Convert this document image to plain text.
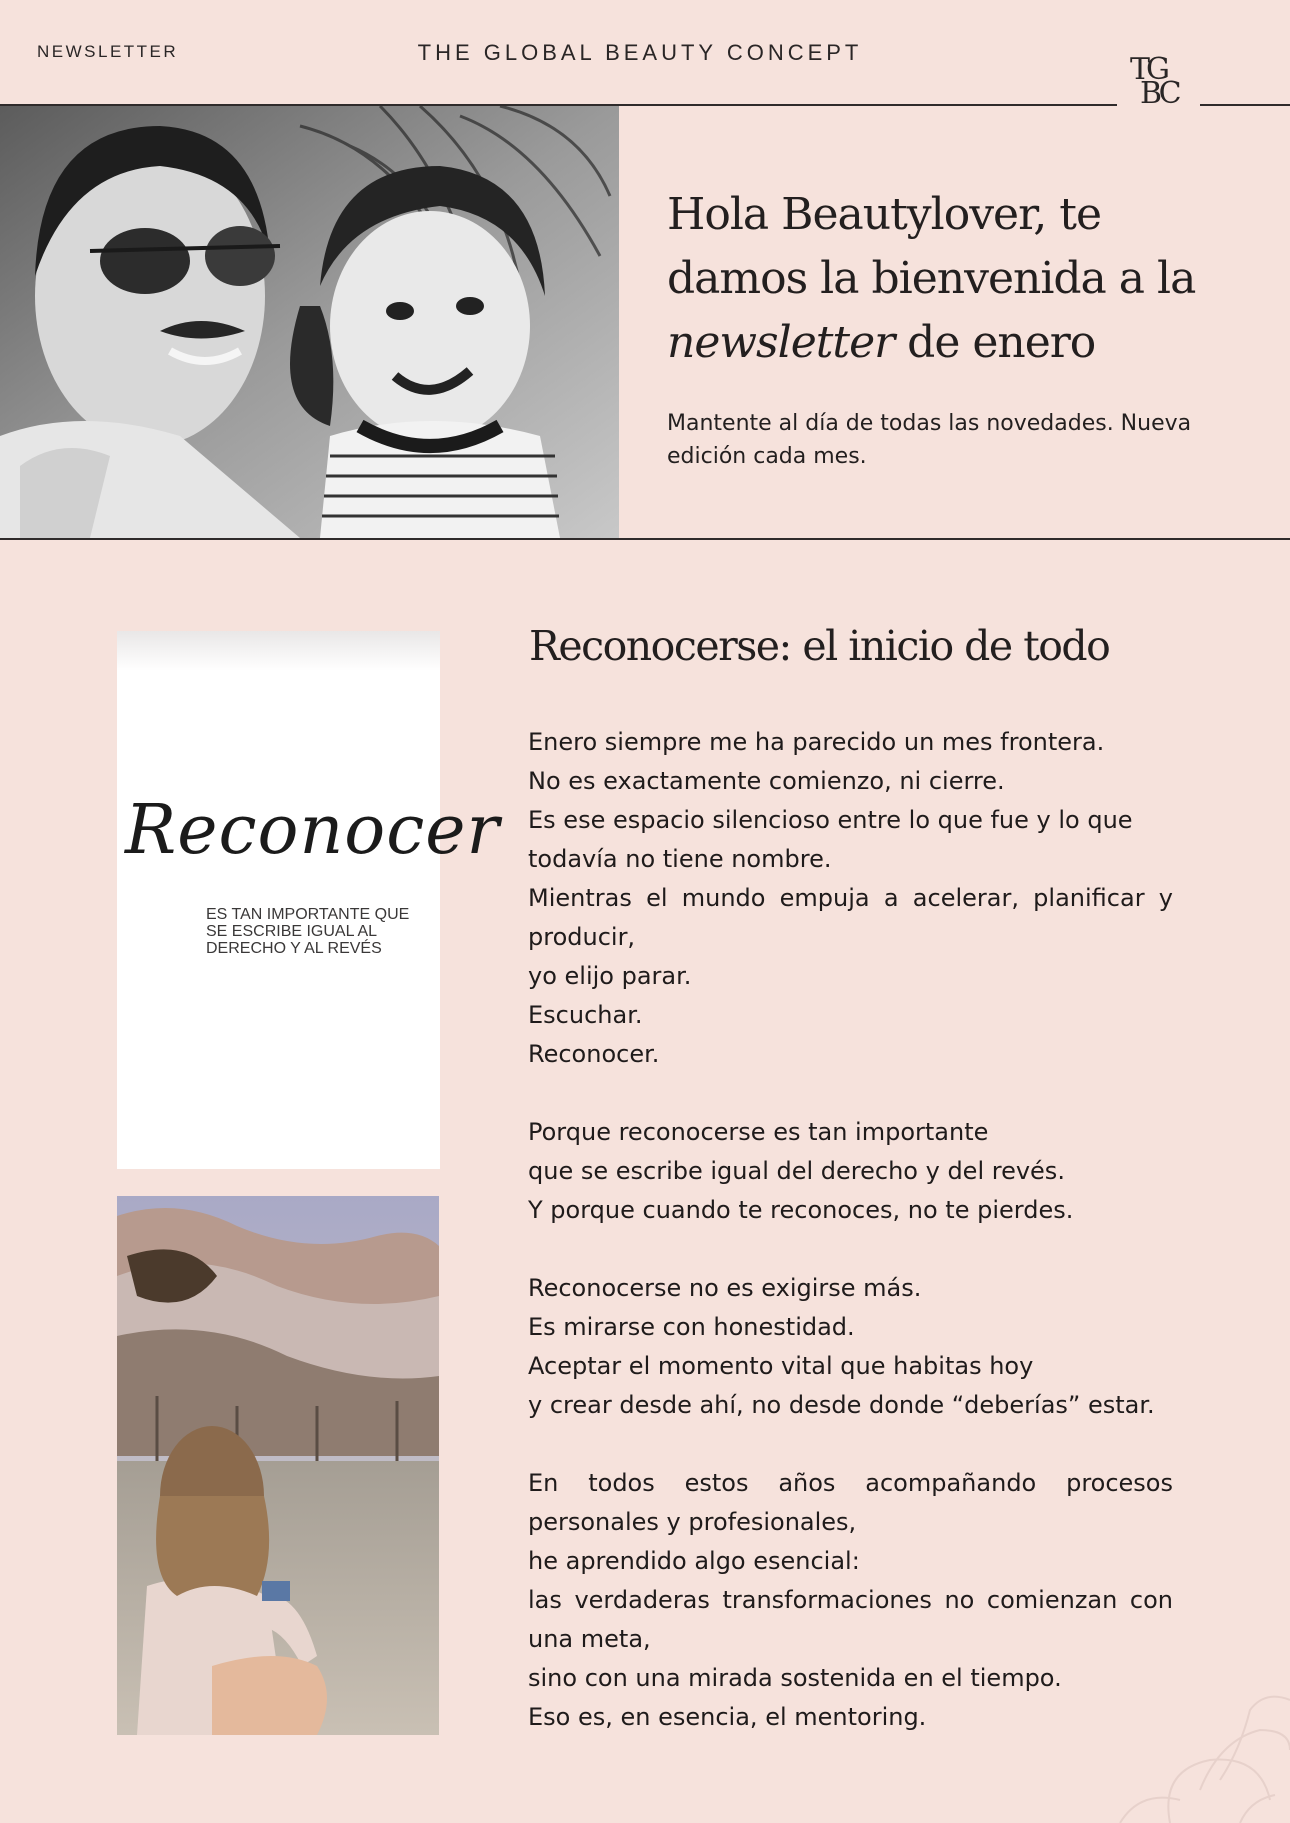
NEWSLETTER	THE GLOBAL BEAUTY CONCEPT	TG
BC
Hola Beautylover, te damos la bienvenida a la newsletter de enero
Mantente al día de todas las novedades. Nueva edición cada mes.
Reconocer
ES TAN IMPORTANTE QUE
SE ESCRIBE IGUAL AL
DERECHO Y AL REVÉS
Reconocerse: el inicio de todo

Enero siempre me ha parecido un mes frontera.

No es exactamente comienzo, ni cierre.

Es ese espacio silencioso entre lo que fue y lo que

todavía no tiene nombre.

Mientras el mundo empuja a acelerar, planificar y

producir,

yo elijo parar.

Escuchar.

Reconocer.

Porque reconocerse es tan importante

que se escribe igual del derecho y del revés.

Y porque cuando te reconoces, no te pierdes.

Reconocerse no es exigirse más.

Es mirarse con honestidad.

Aceptar el momento vital que habitas hoy

y crear desde ahí, no desde donde “deberías” estar.

En todos estos años acompañando procesos

personales y profesionales,

he aprendido algo esencial:

las verdaderas transformaciones no comienzan con

una meta,

sino con una mirada sostenida en el tiempo.

Eso es, en esencia, el mentoring.
